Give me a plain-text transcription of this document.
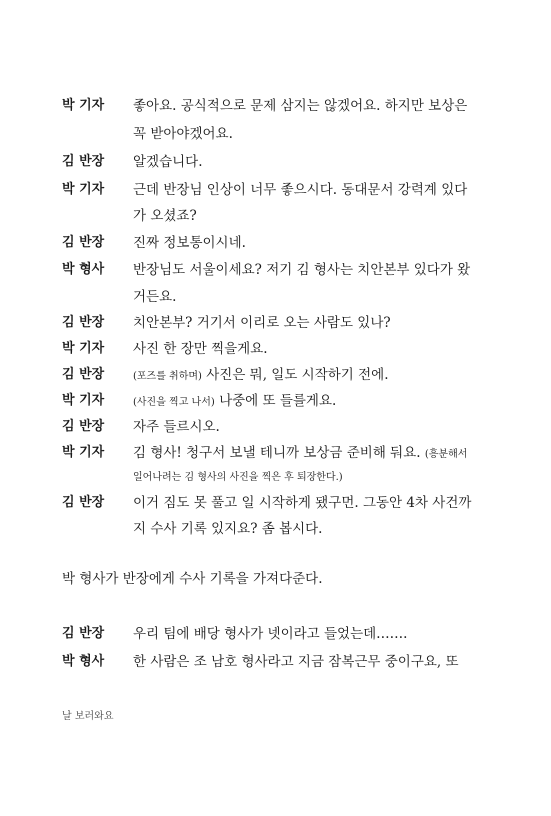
박 기자 좋아요. 공식적으로 문제 삼지는 않겠어요. 하지만 보상은
꼭 받아야겠어요.
김 반장 알겠습니다.
박 기자 근데 반장님 인상이 너무 좋으시다. 동대문서 강력계 있다
가 오셨죠?
김 반장 진짜 정보통이시네.
박 형사 반장님도 서울이세요? 저기 김 형사는 치안본부 있다가 왔
거든요.
김 반장 치안본부? 거기서 이리로 오는 사람도 있나?
박 기자 사진 한 장만 찍을게요.
김 반장	(포즈를 취하며) 사진은 뭐, 일도 시작하기 전에.
박 기자	(사진을 찍고 나서) 나중에 또 들를게요.
김 반장 자주 들르시오.
박 기자 김 형사! 청구서 보낼 테니까 보상금 준비해 둬요. (흥분해서
일어나려는 김 형사의 사진을 찍은 후 퇴장한다.)
김 반장 이거 짐도 못 풀고 일 시작하게 됐구먼. 그동안 4차 사건까
지 수사 기록 있지요? 좀 봅시다.
박 형사가 반장에게 수사 기록을 가져다준다.
김 반장 우리 팀에 배당 형사가 넷이라고 들었는데…….
박 형사 한 사람은 조 남호 형사라고 지금 잠복근무 중이구요, 또
날 보러와요
